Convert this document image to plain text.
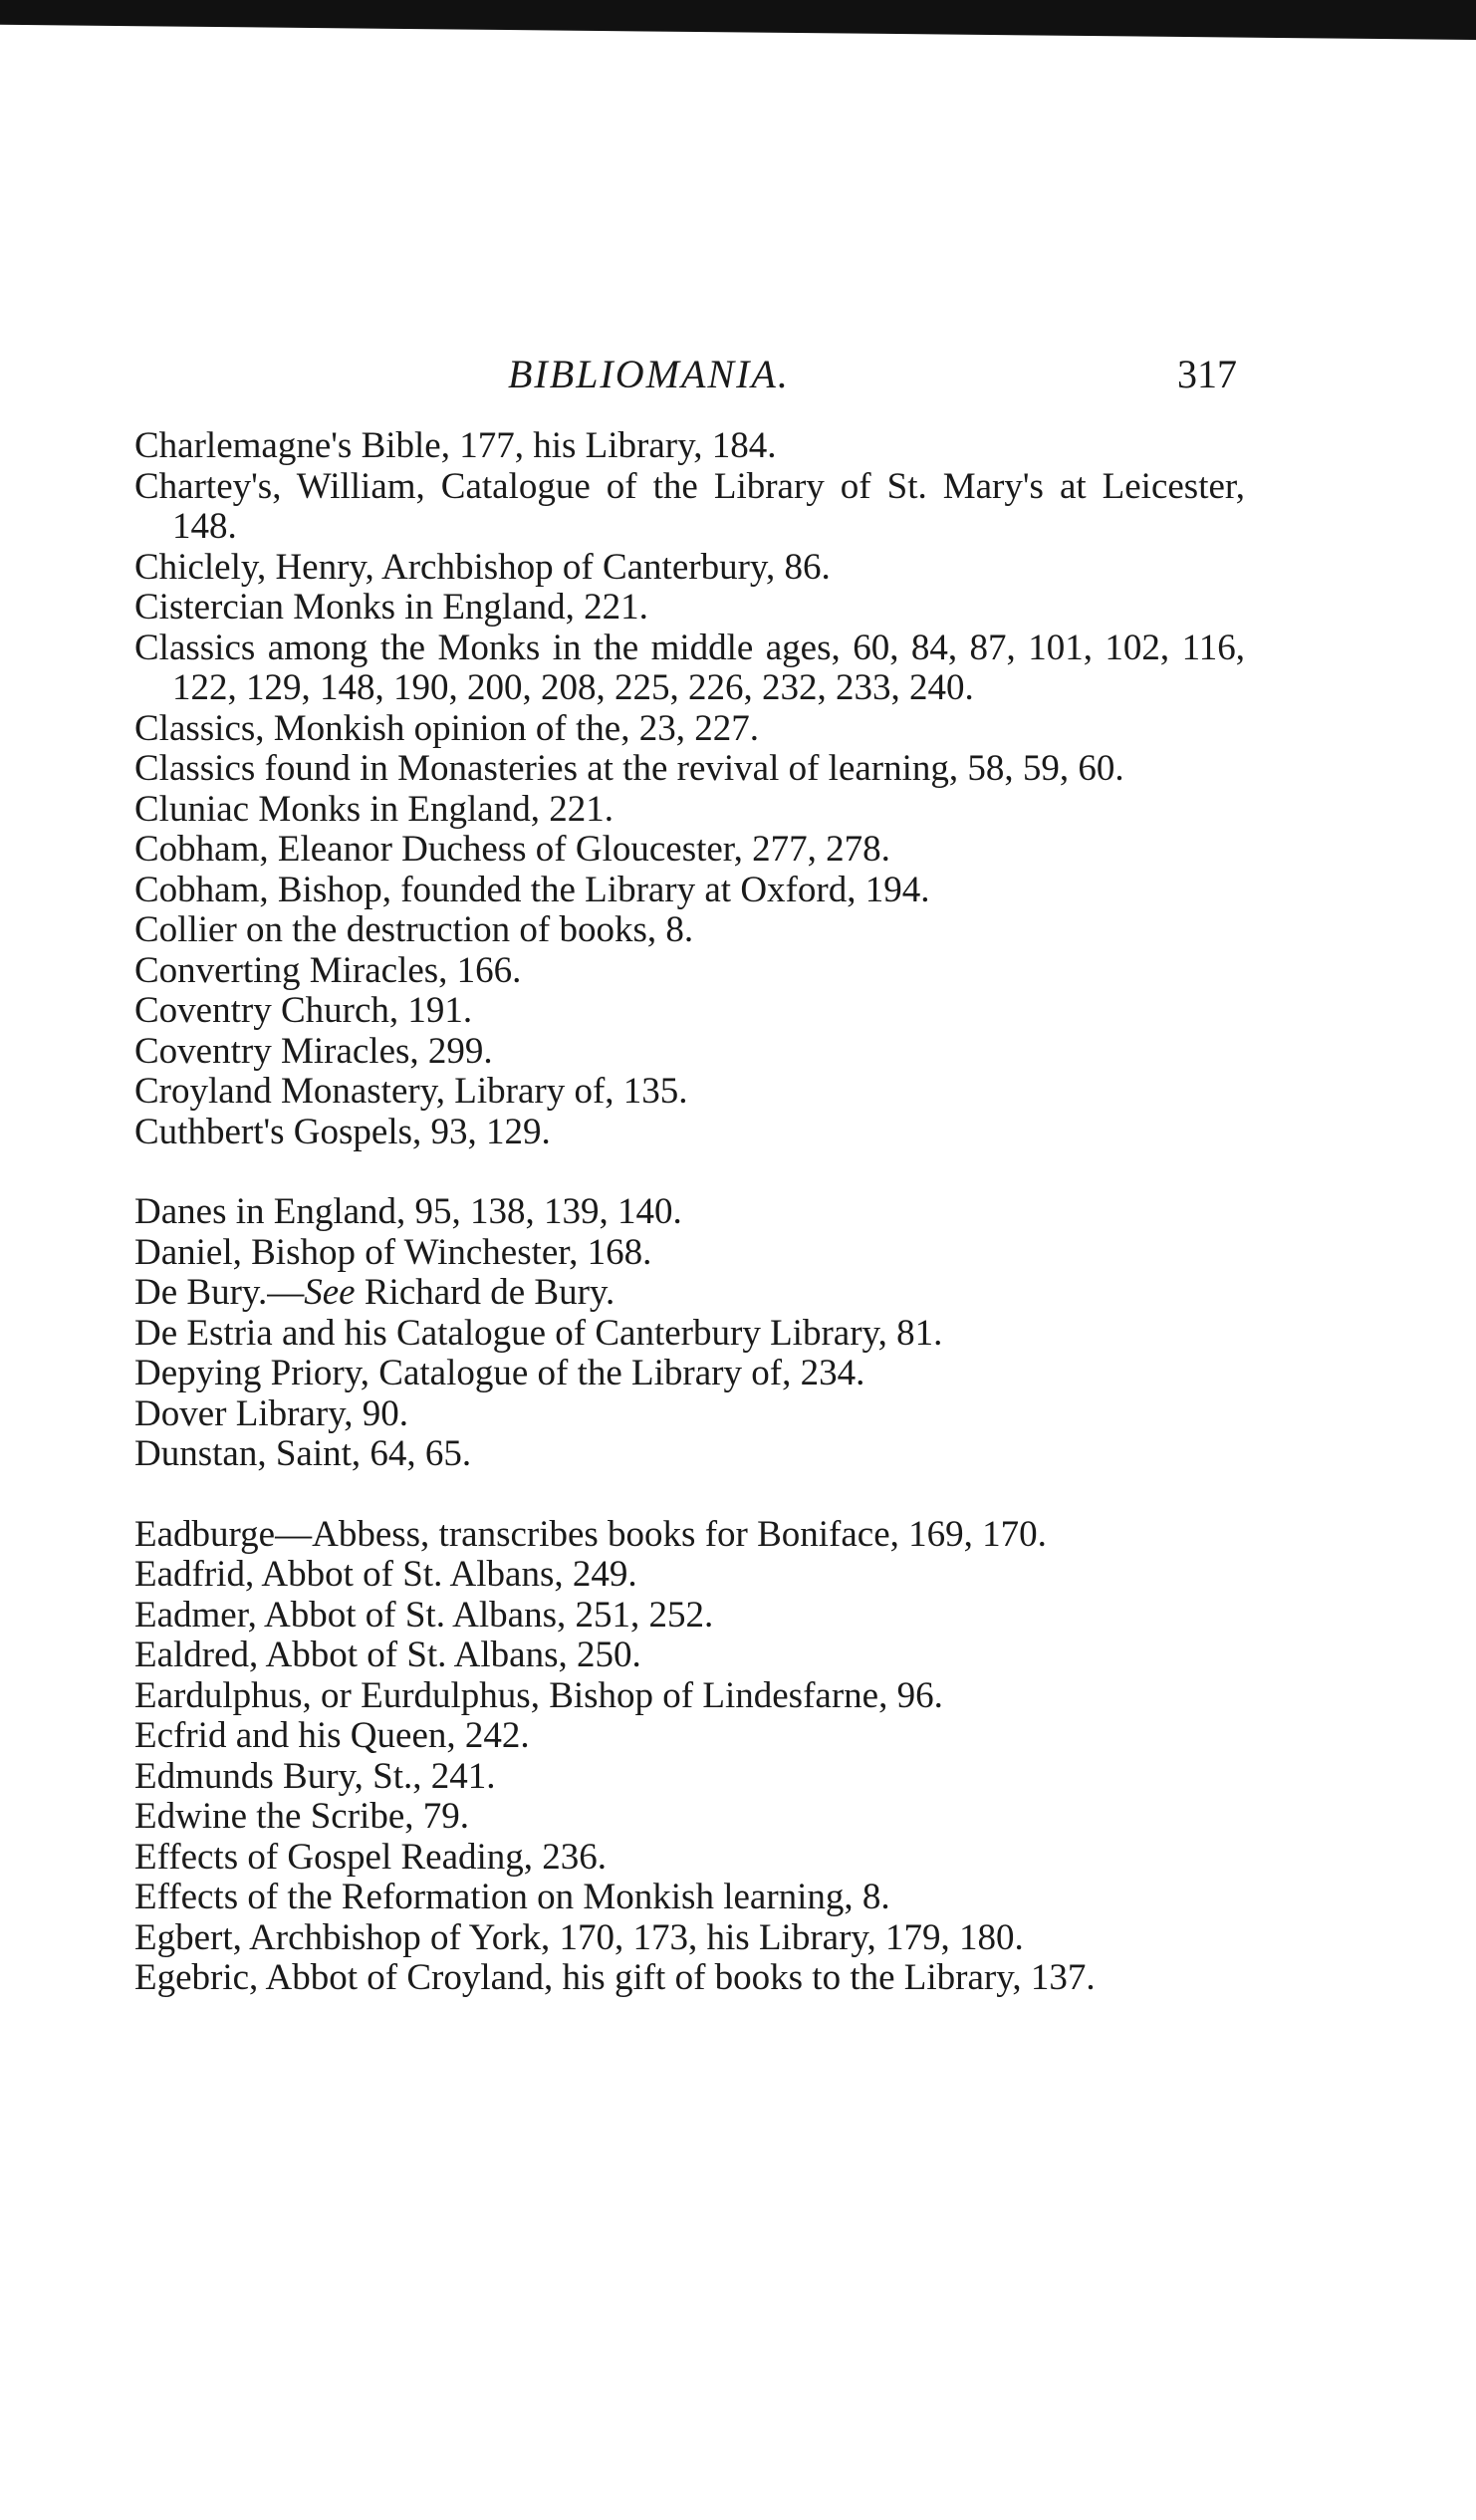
BIBLIOMANIA.	317

Charlemagne's Bible, 177, his Library, 184.

Chartey's, William, Catalogue of the Library of St. Mary's at Leicester, 148.

Chiclely, Henry, Archbishop of Canterbury, 86.

Cistercian Monks in England, 221.

Classics among the Monks in the middle ages, 60, 84, 87, 101, 102, 116, 122, 129, 148, 190, 200, 208, 225, 226, 232, 233, 240.

Classics, Monkish opinion of the, 23, 227.

Classics found in Monasteries at the revival of learning, 58, 59, 60.

Cluniac Monks in England, 221.

Cobham, Eleanor Duchess of Gloucester, 277, 278.

Cobham, Bishop, founded the Library at Oxford, 194.

Collier on the destruction of books, 8.

Converting Miracles, 166.

Coventry Church, 191.

Coventry Miracles, 299.

Croyland Monastery, Library of, 135.

Cuthbert's Gospels, 93, 129.

Danes in England, 95, 138, 139, 140.

Daniel, Bishop of Winchester, 168.

De Bury.—See Richard de Bury.

De Estria and his Catalogue of Canterbury Library, 81.

Depying Priory, Catalogue of the Library of, 234.

Dover Library, 90.

Dunstan, Saint, 64, 65.

Eadburge—Abbess, transcribes books for Boniface, 169, 170.

Eadfrid, Abbot of St. Albans, 249.

Eadmer, Abbot of St. Albans, 251, 252.

Ealdred, Abbot of St. Albans, 250.

Eardulphus, or Eurdulphus, Bishop of Lindesfarne, 96.

Ecfrid and his Queen, 242.

Edmunds Bury, St., 241.

Edwine the Scribe, 79.

Effects of Gospel Reading, 236.

Effects of the Reformation on Monkish learning, 8.

Egbert, Archbishop of York, 170, 173, his Library, 179, 180.

Egebric, Abbot of Croyland, his gift of books to the Library, 137.
